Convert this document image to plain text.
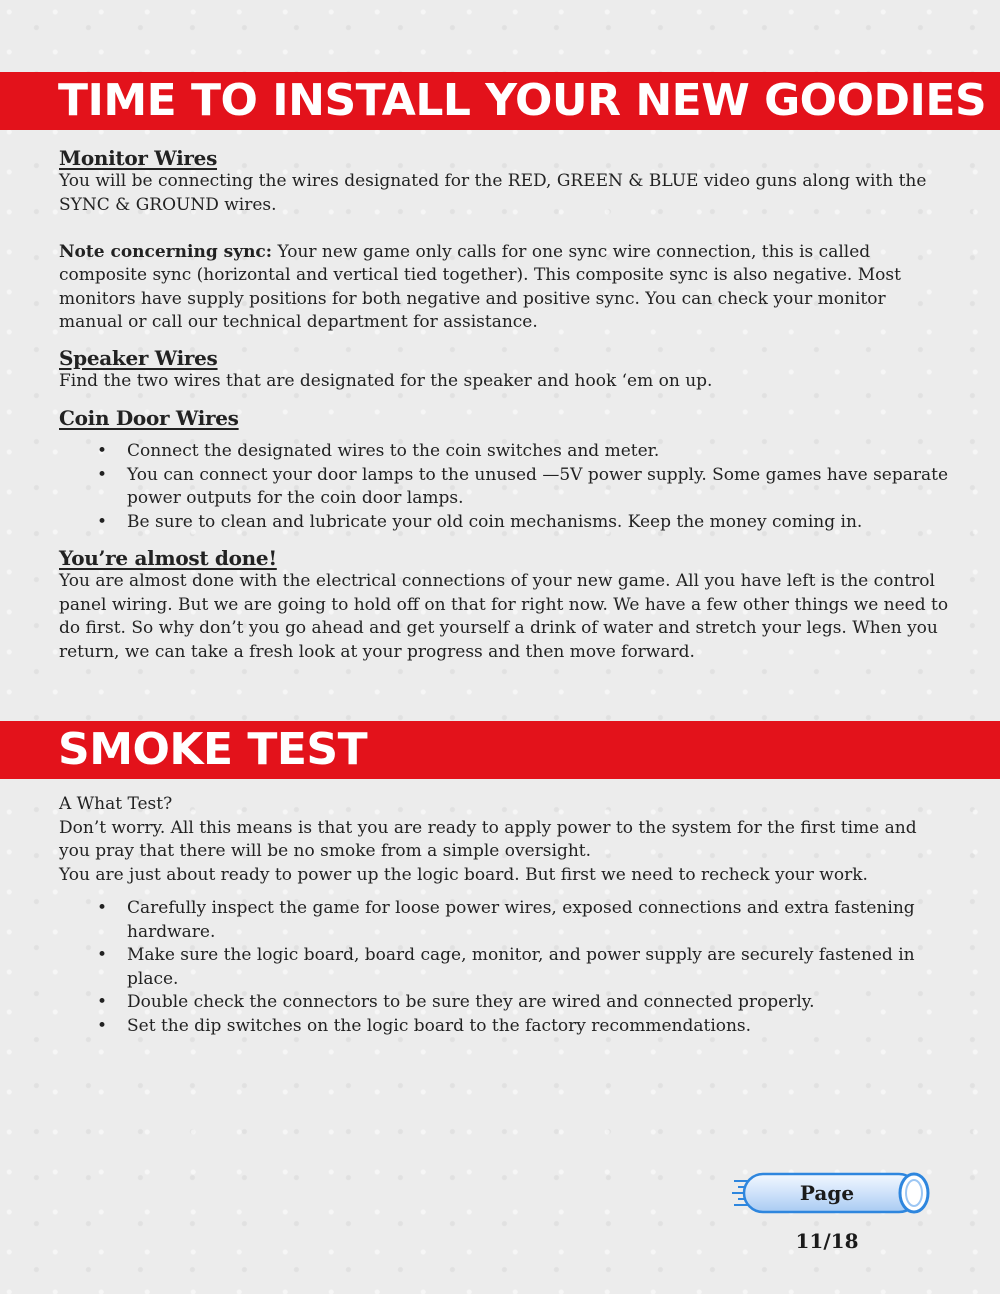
TIME TO INSTALL YOUR NEW GOODIES
Monitor Wires

You will be connecting the wires designated for the RED, GREEN & BLUE video guns along with the SYNC & GROUND wires.

Note concerning sync: Your new game only calls for one sync wire connection, this is called composite sync (horizontal and vertical tied together). This composite sync is also negative. Most monitors have supply positions for both negative and positive sync. You can check your monitor manual or call our technical department for assistance.

Speaker Wires

Find the two wires that are designated for the speaker and hook ‘em on up.

Coin Door Wires
• Connect the designated wires to the coin switches and meter.
• You can connect your door lamps to the unused —5V power supply. Some games have separate power outputs for the coin door lamps.
• Be sure to clean and lubricate your old coin mechanisms. Keep the money coming in.
You’re almost done!

You are almost done with the electrical connections of your new game. All you have left is the control panel wiring. But we are going to hold off on that for right now. We have a few other things we need to do first. So why don’t you go ahead and get yourself a drink of water and stretch your legs. When you return, we can take a fresh look at your progress and then move forward.

SMOKE TEST

A What Test?

Don’t worry. All this means is that you are ready to apply power to the system for the first time and you pray that there will be no smoke from a simple oversight.

You are just about ready to power up the logic board. But first we need to recheck your work.

• Carefully inspect the game for loose power wires, exposed connections and extra fastening hardware.
• Make sure the logic board, board cage, monitor, and power supply are securely fastened in place.
• Double check the connectors to be sure they are wired and connected properly.
• Set the dip switches on the logic board to the factory recommendations.
Page 11/18
